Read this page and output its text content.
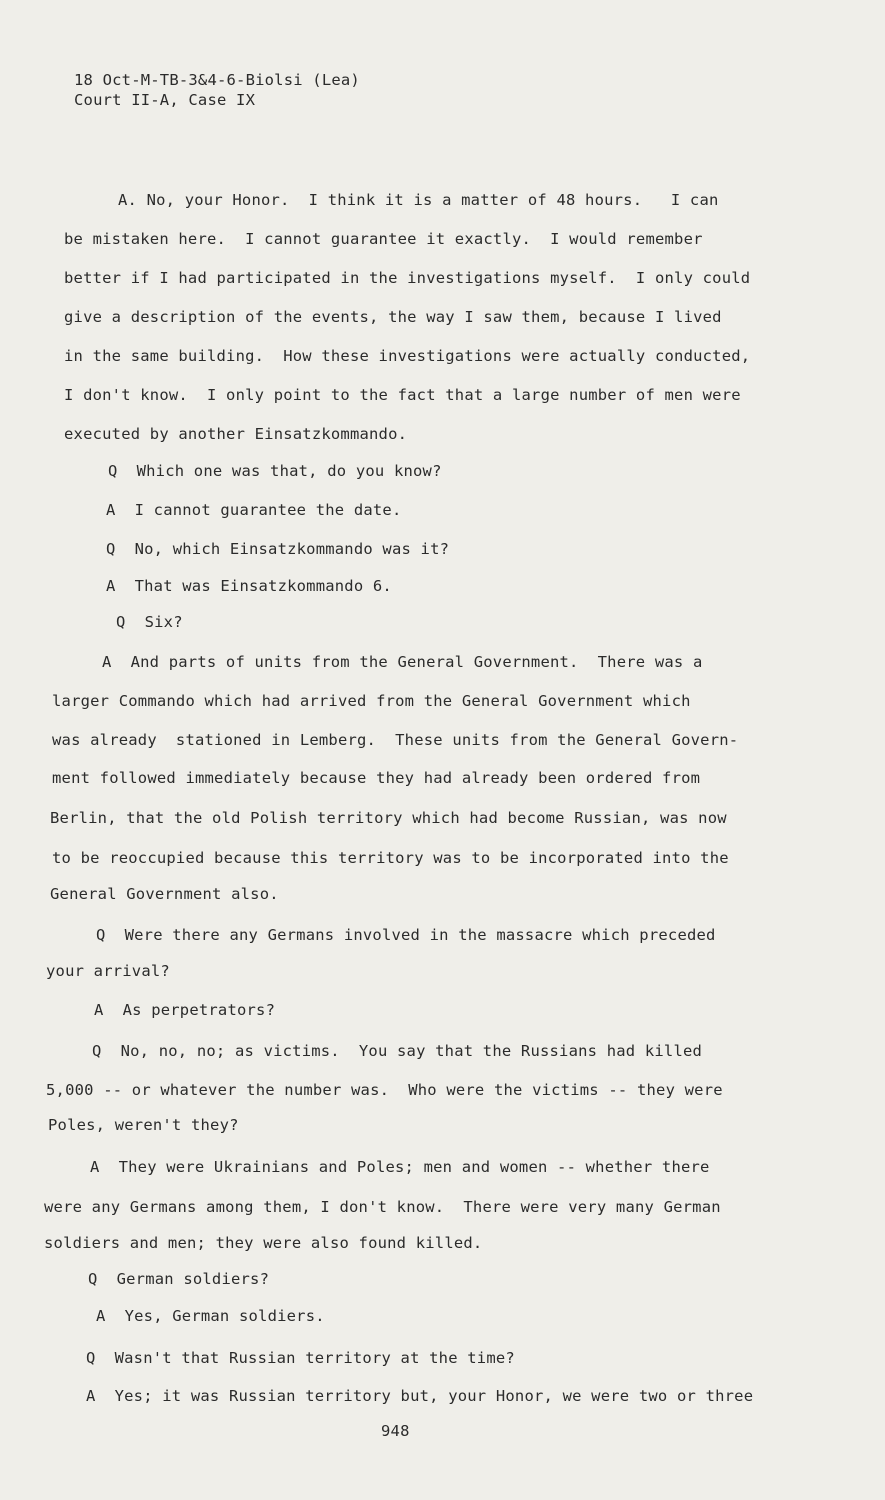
18 Oct-M-TB-3&4-6-Biolsi (Lea)
Court II-A, Case IX
A. No, your Honor.  I think it is a matter of 48 hours.   I can
be mistaken here.  I cannot guarantee it exactly.  I would remember
better if I had participated in the investigations myself.  I only could
give a description of the events, the way I saw them, because I lived
in the same building.  How these investigations were actually conducted,
I don't know.  I only point to the fact that a large number of men were
executed by another Einsatzkommando.
Q  Which one was that, do you know?
A  I cannot guarantee the date.
Q  No, which Einsatzkommando was it?
A  That was Einsatzkommando 6.
Q  Six?
A  And parts of units from the General Government.  There was a
larger Commando which had arrived from the General Government which
was already  stationed in Lemberg.  These units from the General Govern-
ment followed immediately because they had already been ordered from
Berlin, that the old Polish territory which had become Russian, was now
to be reoccupied because this territory was to be incorporated into the
General Government also.
Q  Were there any Germans involved in the massacre which preceded
your arrival?
A  As perpetrators?
Q  No, no, no; as victims.  You say that the Russians had killed
5,000 -- or whatever the number was.  Who were the victims -- they were
Poles, weren't they?
A  They were Ukrainians and Poles; men and women -- whether there
were any Germans among them, I don't know.  There were very many German
soldiers and men; they were also found killed.
Q  German soldiers?
A  Yes, German soldiers.
Q  Wasn't that Russian territory at the time?
A  Yes; it was Russian territory but, your Honor, we were two or three
948
